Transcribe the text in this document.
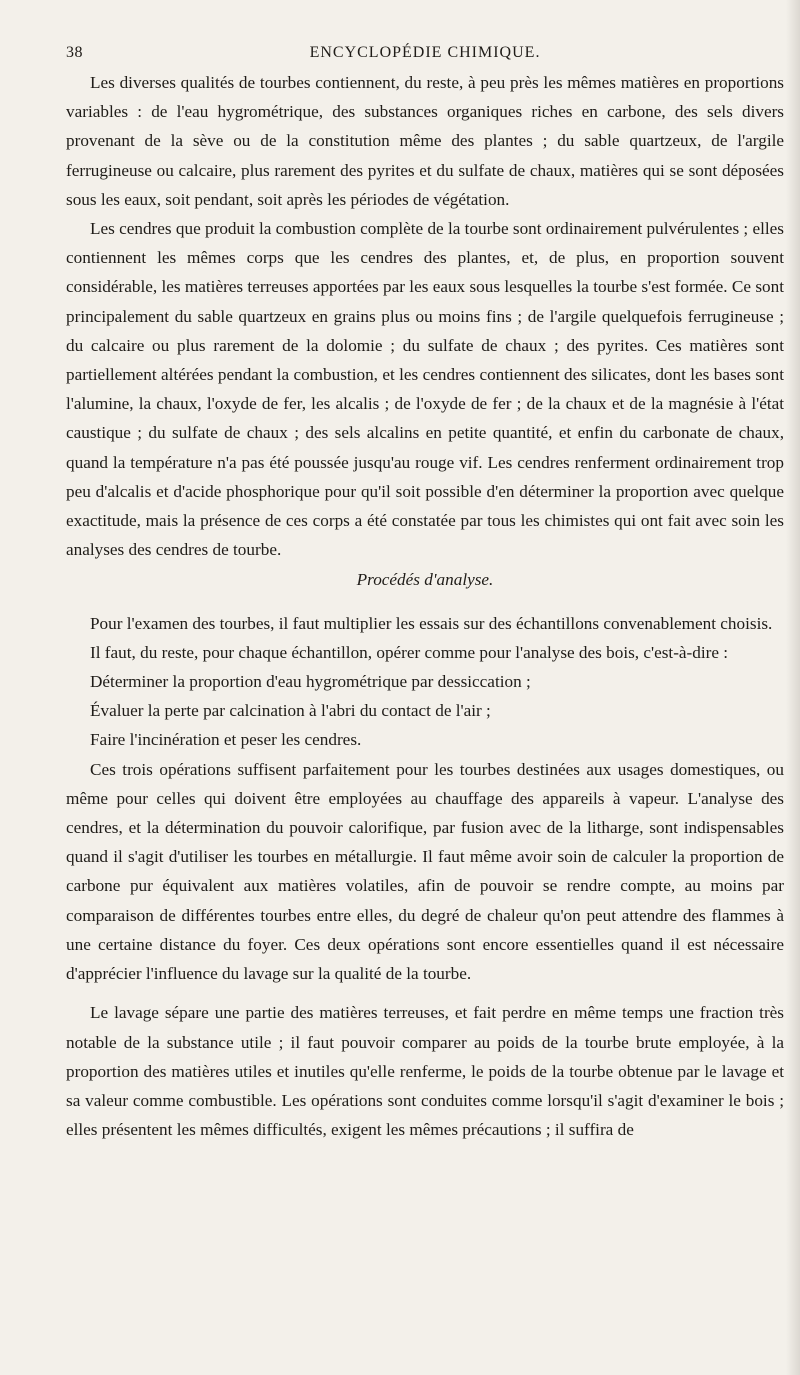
38	ENCYCLOPÉDIE CHIMIQUE.

Les diverses qualités de tourbes contiennent, du reste, à peu près les mêmes matières en proportions variables : de l'eau hygrométrique, des substances organiques riches en carbone, des sels divers provenant de la sève ou de la constitution même des plantes ; du sable quartzeux, de l'argile ferrugineuse ou calcaire, plus rarement des pyrites et du sulfate de chaux, matières qui se sont déposées sous les eaux, soit pendant, soit après les périodes de végétation.

Les cendres que produit la combustion complète de la tourbe sont ordinairement pulvérulentes ; elles contiennent les mêmes corps que les cendres des plantes, et, de plus, en proportion souvent considérable, les matières terreuses apportées par les eaux sous lesquelles la tourbe s'est formée. Ce sont principalement du sable quartzeux en grains plus ou moins fins ; de l'argile quelquefois ferrugineuse ; du calcaire ou plus rarement de la dolomie ; du sulfate de chaux ; des pyrites. Ces matières sont partiellement altérées pendant la combustion, et les cendres contiennent des silicates, dont les bases sont l'alumine, la chaux, l'oxyde de fer, les alcalis ; de l'oxyde de fer ; de la chaux et de la magnésie à l'état caustique ; du sulfate de chaux ; des sels alcalins en petite quantité, et enfin du carbonate de chaux, quand la température n'a pas été poussée jusqu'au rouge vif. Les cendres renferment ordinairement trop peu d'alcalis et d'acide phosphorique pour qu'il soit possible d'en déterminer la proportion avec quelque exactitude, mais la présence de ces corps a été constatée par tous les chimistes qui ont fait avec soin les analyses des cendres de tourbe.

Procédés d'analyse.

Pour l'examen des tourbes, il faut multiplier les essais sur des échantillons convenablement choisis.

Il faut, du reste, pour chaque échantillon, opérer comme pour l'analyse des bois, c'est-à-dire :

Déterminer la proportion d'eau hygrométrique par dessiccation ;

Évaluer la perte par calcination à l'abri du contact de l'air ;

Faire l'incinération et peser les cendres.

Ces trois opérations suffisent parfaitement pour les tourbes destinées aux usages domestiques, ou même pour celles qui doivent être employées au chauffage des appareils à vapeur. L'analyse des cendres, et la détermination du pouvoir calorifique, par fusion avec de la litharge, sont indispensables quand il s'agit d'utiliser les tourbes en métallurgie. Il faut même avoir soin de calculer la proportion de carbone pur équivalent aux matières volatiles, afin de pouvoir se rendre compte, au moins par comparaison de différentes tourbes entre elles, du degré de chaleur qu'on peut attendre des flammes à une certaine distance du foyer. Ces deux opérations sont encore essentielles quand il est nécessaire d'apprécier l'influence du lavage sur la qualité de la tourbe.

Le lavage sépare une partie des matières terreuses, et fait perdre en même temps une fraction très notable de la substance utile ; il faut pouvoir comparer au poids de la tourbe brute employée, à la proportion des matières utiles et inutiles qu'elle renferme, le poids de la tourbe obtenue par le lavage et sa valeur comme combustible. Les opérations sont conduites comme lorsqu'il s'agit d'examiner le bois ; elles présentent les mêmes difficultés, exigent les mêmes précautions ; il suffira de
